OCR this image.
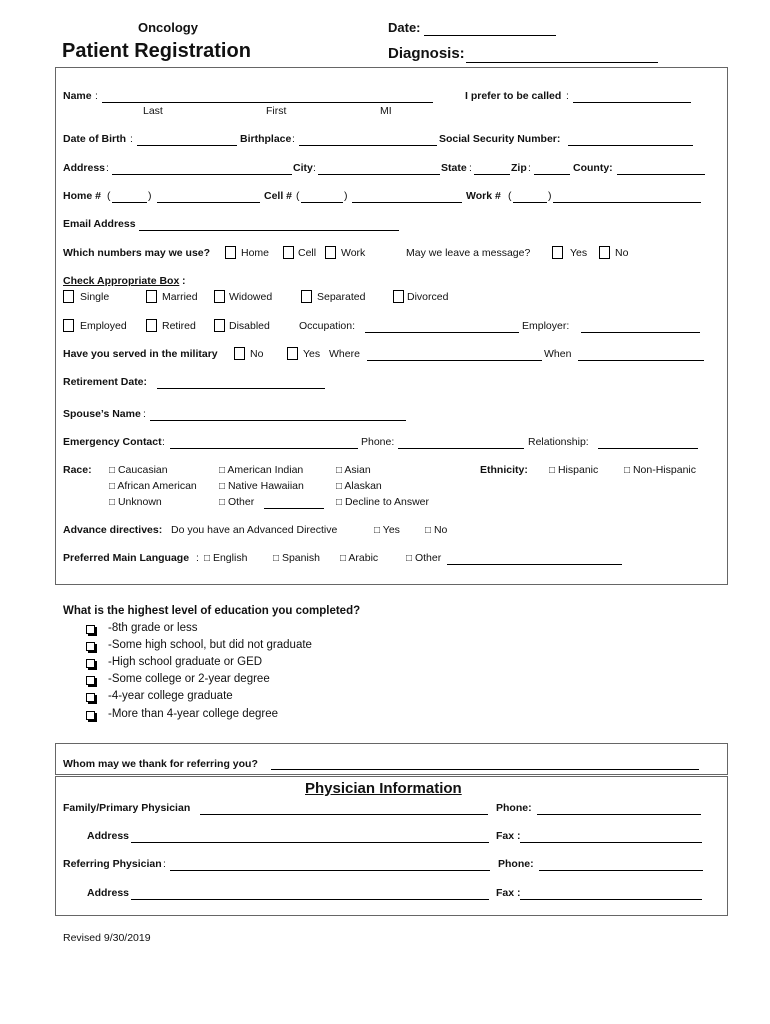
Oncology	Date:
Patient Registration	Diagnosis:
Name :	I prefer to be called :
Last	First	MI
Date of Birth :	Birthplace :	Social Security Number:
Address :	City :	State :	Zip :	County:
Home # (	)	Cell # (	)	Work # (	)
Email Address
Which numbers may we use?	Home	Cell Work	May we leave a message?	Yes	No
Check Appropriate Box :
Single	Married	Widowed	Separated	Divorced
Employed	Retired	Disabled	Occupation:	Employer:
Have you served in the military	No	Yes Where	When
Retirement Date:
Spouse’s Name :
Emergency Contact :	Phone:	Relationship:
Race: □ Caucasian	□ American Indian	□ Asian
□ African American □ Native Hawaiian	□ Alaskan
□ Unknown	□ Other	□ Decline to Answer
Ethnicity: □ Hispanic	□ Non-Hispanic
Advance directives: Do you have an Advanced Directive	□ Yes	□ No
Preferred Main Language : □ English	□ Spanish □ Arabic	□ Other
What is the highest level of education you completed?
-8th grade or less
-Some high school, but did not graduate
-High school graduate or GED
-Some college or 2-year degree
-4-year college graduate
-More than 4-year college degree
Whom may we thank for referring you?
Physician Information
Family/Primary Physician	Phone:
Address	Fax :
Referring Physician :	Phone:
Address	Fax :
Revised 9/30/2019
